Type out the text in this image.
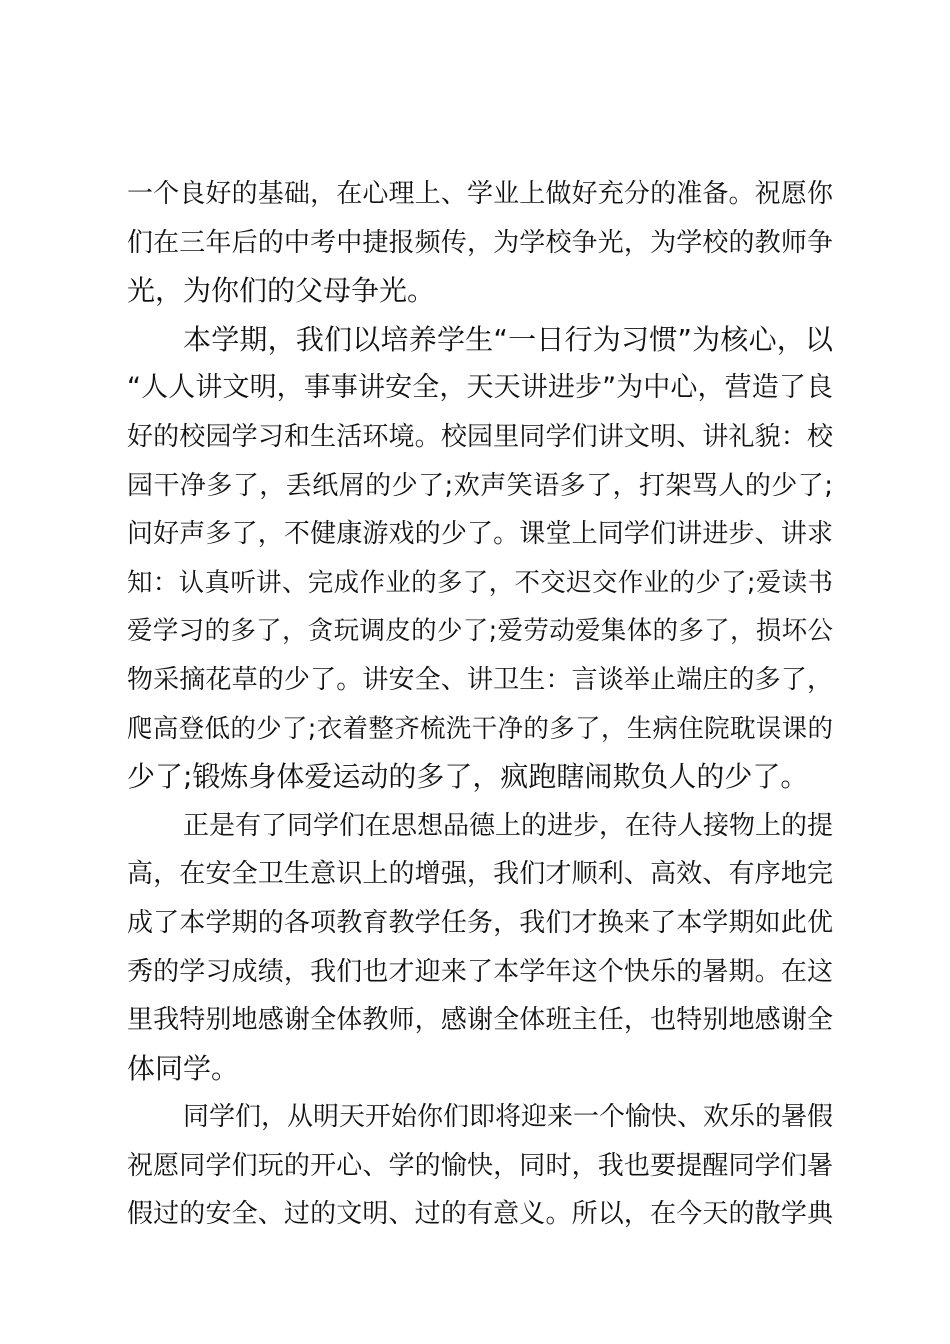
一个良好的基础，在心理上、学业上做好充分的准备。祝愿你
们在三年后的中考中捷报频传，为学校争光，为学校的教师争
光，为你们的父母争光。
本学期，我们以培养学生“一日行为习惯”为核心，以
“人人讲文明，事事讲安全，天天讲进步”为中心，营造了良
好的校园学习和生活环境。校园里同学们讲文明、讲礼貌：校
园干净多了，丢纸屑的少了;欢声笑语多了，打架骂人的少了;
问好声多了，不健康游戏的少了。课堂上同学们讲进步、讲求
知：认真听讲、完成作业的多了，不交迟交作业的少了;爱读书
爱学习的多了，贪玩调皮的少了;爱劳动爱集体的多了，损坏公
物采摘花草的少了。讲安全、讲卫生：言谈举止端庄的多了，
爬高登低的少了;衣着整齐梳洗干净的多了，生病住院耽误课的
少了;锻炼身体爱运动的多了，疯跑瞎闹欺负人的少了。
正是有了同学们在思想品德上的进步，在待人接物上的提
高，在安全卫生意识上的增强，我们才顺利、高效、有序地完
成了本学期的各项教育教学任务，我们才换来了本学期如此优
秀的学习成绩，我们也才迎来了本学年这个快乐的暑期。在这
里我特别地感谢全体教师，感谢全体班主任，也特别地感谢全
体同学。
同学们，从明天开始你们即将迎来一个愉快、欢乐的暑假
祝愿同学们玩的开心、学的愉快，同时，我也要提醒同学们暑
假过的安全、过的文明、过的有意义。所以，在今天的散学典
